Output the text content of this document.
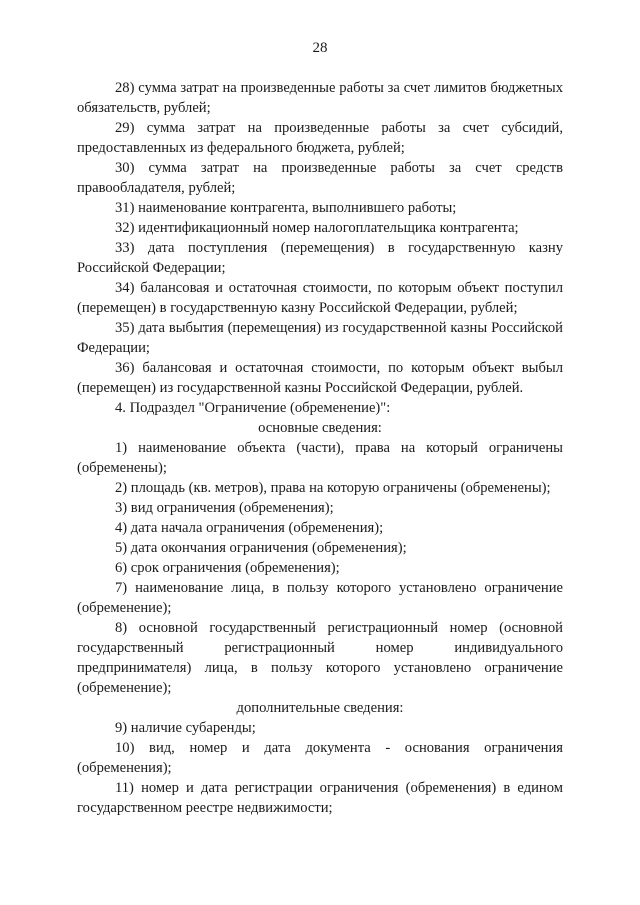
28

28) сумма затрат на произведенные работы за счет лимитов бюджетных обязательств, рублей;

29) сумма затрат на произведенные работы за счет субсидий, предоставленных из федерального бюджета, рублей;

30) сумма затрат на произведенные работы за счет средств правообладателя, рублей;

31) наименование контрагента, выполнившего работы;

32) идентификационный номер налогоплательщика контрагента;

33) дата поступления (перемещения) в государственную казну Российской Федерации;

34) балансовая и остаточная стоимости, по которым объект поступил (перемещен) в государственную казну Российской Федерации, рублей;

35) дата выбытия (перемещения) из государственной казны Российской Федерации;

36) балансовая и остаточная стоимости, по которым объект выбыл (перемещен) из государственной казны Российской Федерации, рублей.

4. Подраздел "Ограничение (обременение)":

основные сведения:

1) наименование объекта (части), права на который ограничены (обременены);

2) площадь (кв. метров), права на которую ограничены (обременены);

3) вид ограничения (обременения);

4) дата начала ограничения (обременения);

5) дата окончания ограничения (обременения);

6) срок ограничения (обременения);

7) наименование лица, в пользу которого установлено ограничение (обременение);

8) основной государственный регистрационный номер (основной государственный регистрационный номер индивидуального предпринимателя) лица, в пользу которого установлено ограничение (обременение);

дополнительные сведения:

9) наличие субаренды;

10) вид, номер и дата документа - основания ограничения (обременения);

11) номер и дата регистрации ограничения (обременения) в едином государственном реестре недвижимости;
